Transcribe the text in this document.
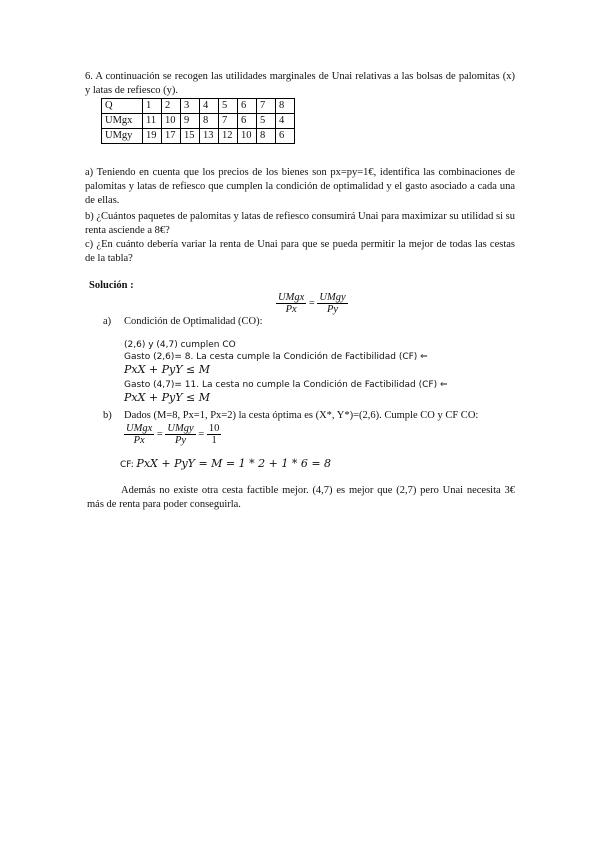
6. A continuación se recogen las utilidades marginales de Unai relativas a las bolsas de palomitas (x) y latas de refiesco (y).
Q	1	2	3	4	5	6	7	8
UMgx	11	10	9	8	7	6	5	4
UMgy	19	17	15	13	12	10	8	6
a) Teniendo en cuenta que los precios de los bienes son px=py=1€, identifica las combinaciones de palomitas y latas de refiesco que cumplen la condición de optimalidad y el gasto asociado a cada una de ellas.
b) ¿Cuántos paquetes de palomitas y latas de refiesco consumirá Unai para maximizar su utilidad si su renta asciende a 8€?
c) ¿En cuánto debería variar la renta de Unai para que se pueda permitir la mejor de todas las cestas de la tabla?
Solución :
a) Condición de Optimalidad (CO):
$\frac{\text{UMgx}}{Px} = \frac{\text{UMgy}}{Py}$
(2,6) y (4,7) cumplen CO
Gasto (2,6)= 8. La cesta cumple la Condición de Factibilidad (CF) ⇐
PxX + PyY ≤ M
Gasto (4,7)= 11. La cesta no cumple la Condición de Factibilidad (CF) ⇐
PxX + PyY ≤ M
b) Dados (M=8, Px=1, Px=2) la cesta óptima es (X*, Y*)=(2,6). Cumple CO y CF CO:
$\frac{\text{UMgx}}{Px} = \frac{\text{UMgy}}{Py} = \frac{10}{1}$
CF: PxX + PyY = M = 1 * 2 + 1 * 6 = 8
Además no existe otra cesta factible mejor. (4,7) es mejor que (2,7) pero Unai necesita 3€ más de renta para poder conseguirla.
